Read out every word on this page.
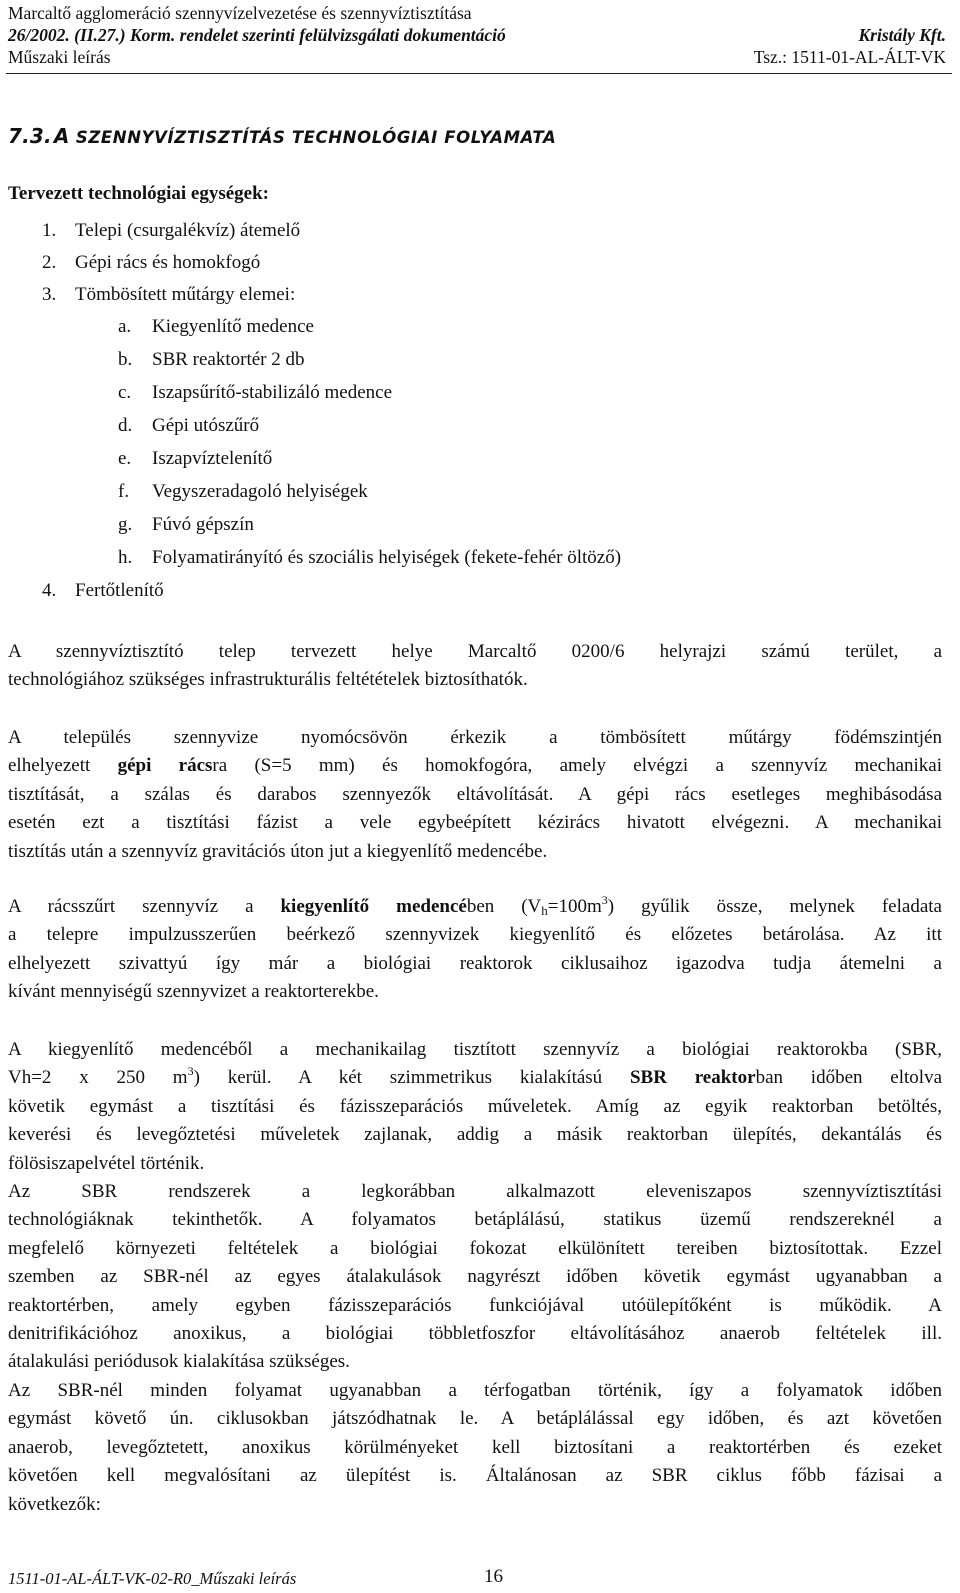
Marcaltő agglomeráció szennyvízelvezetése és szennyvíztisztítása
26/2002. (II.27.) Korm. rendelet szerinti felülvizsgálati dokumentáció	Kristály Kft.
Műszaki leírás	Tsz.: 1511-01-AL-ÁLT-VK
7.3. A SZENNYVÍZTISZTÍTÁS TECHNOLÓGIAI FOLYAMATA
Tervezett technológiai egységek:
1. Telepi (csurgalékvíz) átemelő
2. Gépi rács és homokfogó
3. Tömbösített műtárgy elemei:
a. Kiegyenlítő medence
b. SBR reaktortér 2 db
c. Iszapsűrítő-stabilizáló medence
d. Gépi utószűrő
e. Iszapvíztelenítő
f. Vegyszeradagoló helyiségek
g. Fúvó gépszín
h. Folyamatirányító és szociális helyiségek (fekete-fehér öltöző)
4. Fertőtlenítő
A szennyvíztisztító telep tervezett helye Marcaltő 0200/6 helyrajzi számú terület, a
technológiához szükséges infrastrukturális feltétételek biztosíthatók.
A település szennyvize nyomócsövön érkezik a tömbösített műtárgy födémszintjén
elhelyezett gépi rácsra (S=5 mm) és homokfogóra, amely elvégzi a szennyvíz mechanikai
tisztítását, a szálas és darabos szennyezők eltávolítását. A gépi rács esetleges meghibásodása
esetén ezt a tisztítási fázist a vele egybeépített kézirács hivatott elvégezni. A mechanikai
tisztítás után a szennyvíz gravitációs úton jut a kiegyenlítő medencébe.
A rácsszűrt szennyvíz a kiegyenlítő medencében $(V_h=100m^3)$ gyűlik össze, melynek feladata
a telepre impulzusszerűen beérkező szennyvizek kiegyenlítő és előzetes betárolása. Az itt
elhelyezett szivattyú így már a biológiai reaktorok ciklusaihoz igazodva tudja átemelni a
kívánt mennyiségű szennyvizet a reaktorterekbe.
A kiegyenlítő medencéből a mechanikailag tisztított szennyvíz a biológiai reaktorokba (SBR,
Vh=2 x 250 $m^3$) kerül. A két szimmetrikus kialakítású SBR reaktorban időben eltolva
követik egymást a tisztítási és fázisszeparációs műveletek. Amíg az egyik reaktorban betöltés,
keverési és levegőztetési műveletek zajlanak, addig a másik reaktorban ülepítés, dekantálás és
fölösiszapelvétel történik.
Az SBR rendszerek a legkorábban alkalmazott eleveniszapos szennyvíztisztítási
technológiáknak tekinthetők. A folyamatos betáplálású, statikus üzemű rendszereknél a
megfelelő környezeti feltételek a biológiai fokozat elkülönített tereiben biztosítottak. Ezzel
szemben az SBR-nél az egyes átalakulások nagyrészt időben követik egymást ugyanabban a
reaktortérben, amely egyben fázisszeparációs funkciójával utóülepítőként is működik. A
denitrifikációhoz anoxikus, a biológiai többletfoszfor eltávolításához anaerob feltételek ill.
átalakulási periódusok kialakítása szükséges.
Az SBR-nél minden folyamat ugyanabban a térfogatban történik, így a folyamatok időben
egymást követő ún. ciklusokban játszódhatnak le. A betáplálással egy időben, és azt követően
anaerob, levegőztetett, anoxikus körülményeket kell biztosítani a reaktortérben és ezeket
követően kell megvalósítani az ülepítést is. Általánosan az SBR ciklus főbb fázisai a
következők:
1511-01-AL-ÁLT-VK-02-R0_Műszaki leírás	16
